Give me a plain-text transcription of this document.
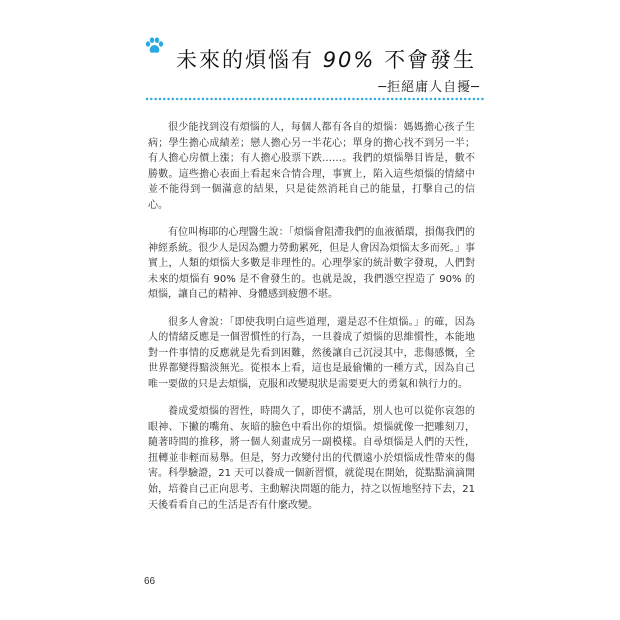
未來的煩惱有 90% 不會發生
─拒絕庸人自擾─

很少能找到沒有煩惱的人，每個人都有各自的煩惱：媽媽擔心孩子生病；學生擔心成績差；戀人擔心另一半花心；單身的擔心找不到另一半；有人擔心房價上漲；有人擔心股票下跌……。我們的煩惱舉目皆是，數不勝數。這些擔心表面上看起來合情合理，事實上，陷入這些煩惱的情緒中並不能得到一個滿意的結果，只是徒然消耗自己的能量，打擊自己的信心。

有位叫梅耶的心理醫生說：「煩惱會阻滯我們的血液循環，損傷我們的神經系統。很少人是因為體力勞動累死，但是人會因為煩惱太多而死。」事實上，人類的煩惱大多數是非理性的。心理學家的統計數字發現，人們對未來的煩惱有 90% 是不會發生的。也就是說，我們憑空捏造了 90% 的煩惱，讓自己的精神、身體感到疲憊不堪。

很多人會說：「即使我明白這些道理，還是忍不住煩惱。」的確，因為人的情緒反應是一個習慣性的行為，一旦養成了煩惱的思維慣性，本能地對一件事情的反應就是先看到困難，然後讓自己沉浸其中，悲傷感慨，全世界都變得黯淡無光。從根本上看，這也是最偷懶的一種方式，因為自己唯一要做的只是去煩惱，克服和改變現狀是需要更大的勇氣和執行力的。

養成愛煩惱的習性，時間久了，即使不講話，別人也可以從你哀怨的眼神、下撇的嘴角、灰暗的臉色中看出你的煩惱。煩惱就像一把雕刻刀，隨著時間的推移，將一個人刻畫成另一副模樣。自尋煩惱是人們的天性，扭轉並非輕而易舉。但是，努力改變付出的代價遠小於煩惱成性帶來的傷害。科學驗證，21 天可以養成一個新習慣，就從現在開始，從點點滴滴開始，培養自己正向思考、主動解決問題的能力，持之以恆地堅持下去，21 天後看看自己的生活是否有什麼改變。

66
